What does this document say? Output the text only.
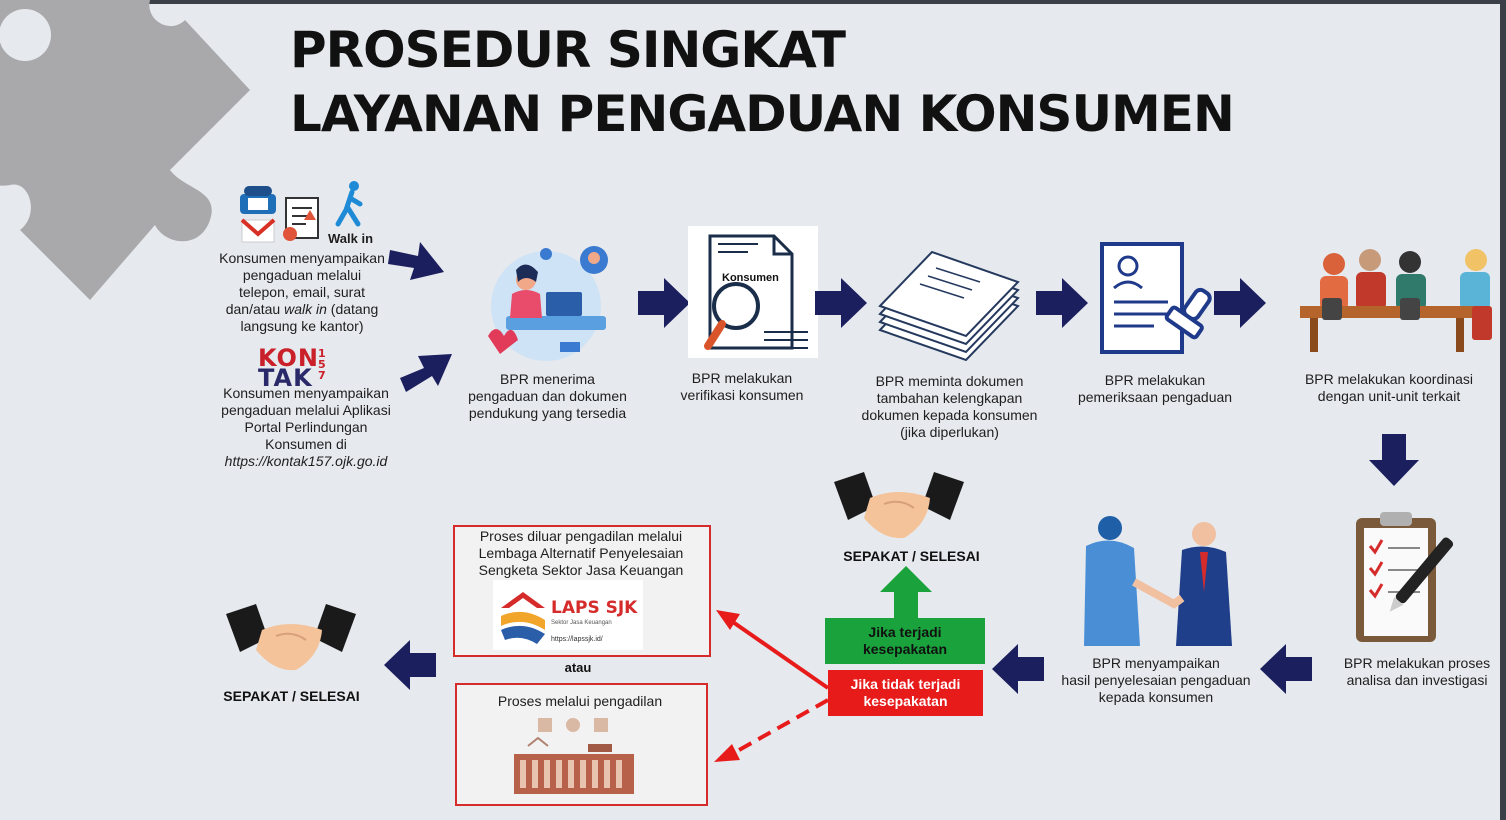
PROSEDUR SINGKAT
LAYANAN PENGADUAN KONSUMEN
Walk in
Konsumen menyampaikan
pengaduan melalui
telepon, email, surat
dan/atau walk in (datang
langsung ke kantor)
KON
TAK
157
Konsumen menyampaikan
pengaduan melalui Aplikasi
Portal Perlindungan
Konsumen di
https://kontak157.ojk.go.id
BPR menerima
pengaduan dan dokumen
pendukung yang tersedia
Konsumen
BPR melakukan
verifikasi konsumen
BPR meminta dokumen
tambahan kelengkapan
dokumen kepada konsumen
(jika diperlukan)
BPR melakukan
pemeriksaan pengaduan
BPR melakukan koordinasi
dengan unit-unit terkait
BPR melakukan proses
analisa dan investigasi
BPR menyampaikan
hasil penyelesaian pengaduan
kepada konsumen
SEPAKAT / SELESAI
Jika terjadi
kesepakatan
Jika tidak terjadi
kesepakatan
Proses diluar pengadilan melalui
Lembaga Alternatif Penyelesaian
Sengketa Sektor Jasa Keuangan
LAPS SJK
Sektor Jasa Keuangan
https://lapssjk.id/
atau
Proses melalui pengadilan
SEPAKAT / SELESAI
